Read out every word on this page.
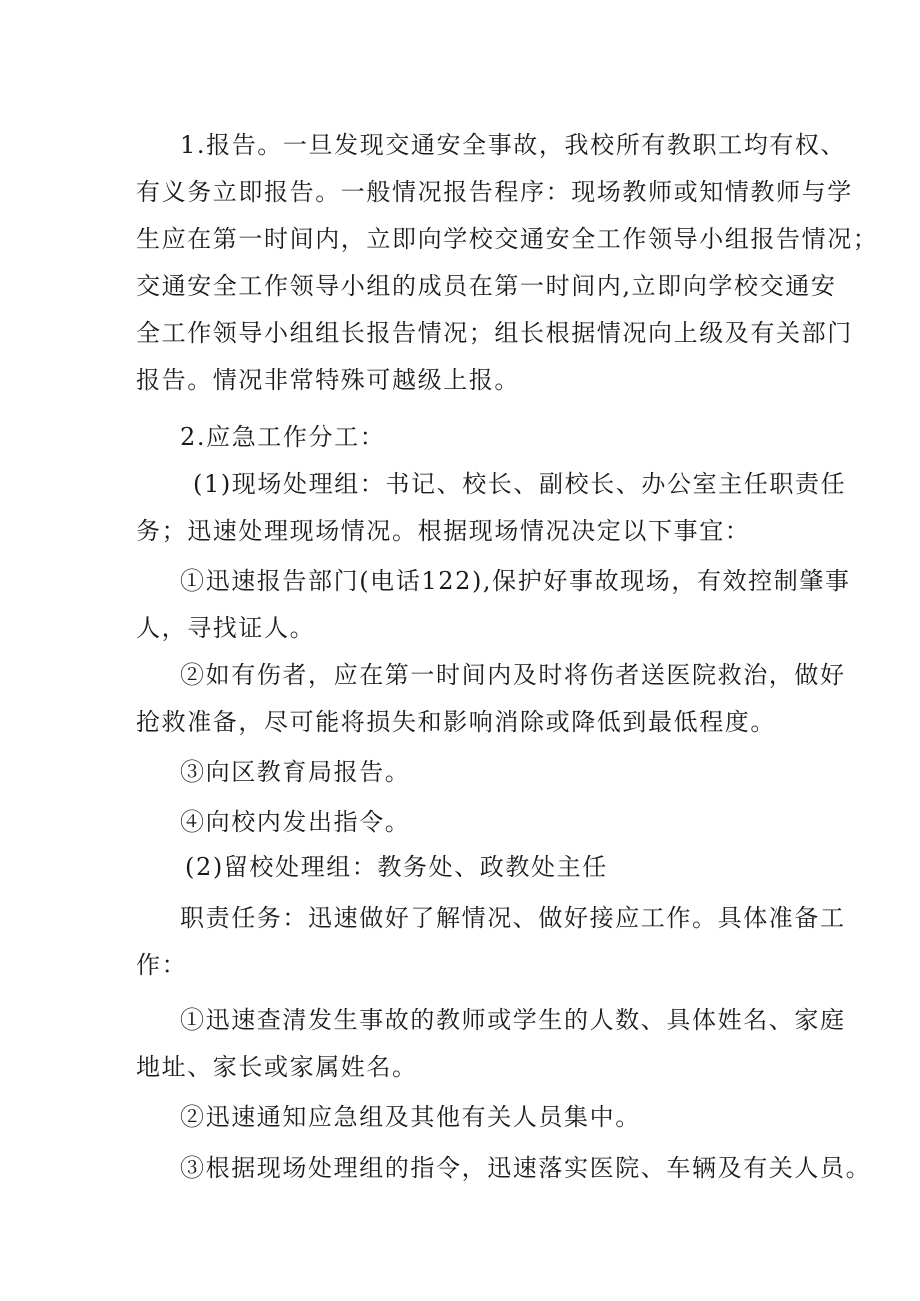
1.报告。一旦发现交通安全事故，我校所有教职工均有权、
有义务立即报告。一般情况报告程序：现场教师或知情教师与学
生应在第一时间内，立即向学校交通安全工作领导小组报告情况；
交通安全工作领导小组的成员在第一时间内,立即向学校交通安
全工作领导小组组长报告情况；组长根据情况向上级及有关部门
报告。情况非常特殊可越级上报。
2.应急工作分工：
(1)现场处理组：书记、校长、副校长、办公室主任职责任
务；迅速处理现场情况。根据现场情况决定以下事宜：
①迅速报告部门(电话122),保护好事故现场，有效控制肇事
人，寻找证人。
②如有伤者，应在第一时间内及时将伤者送医院救治，做好
抢救准备，尽可能将损失和影响消除或降低到最低程度。
③向区教育局报告。
④向校内发出指令。
(2)留校处理组：教务处、政教处主任
职责任务：迅速做好了解情况、做好接应工作。具体准备工
作：
①迅速查清发生事故的教师或学生的人数、具体姓名、家庭
地址、家长或家属姓名。
②迅速通知应急组及其他有关人员集中。
③根据现场处理组的指令，迅速落实医院、车辆及有关人员。
